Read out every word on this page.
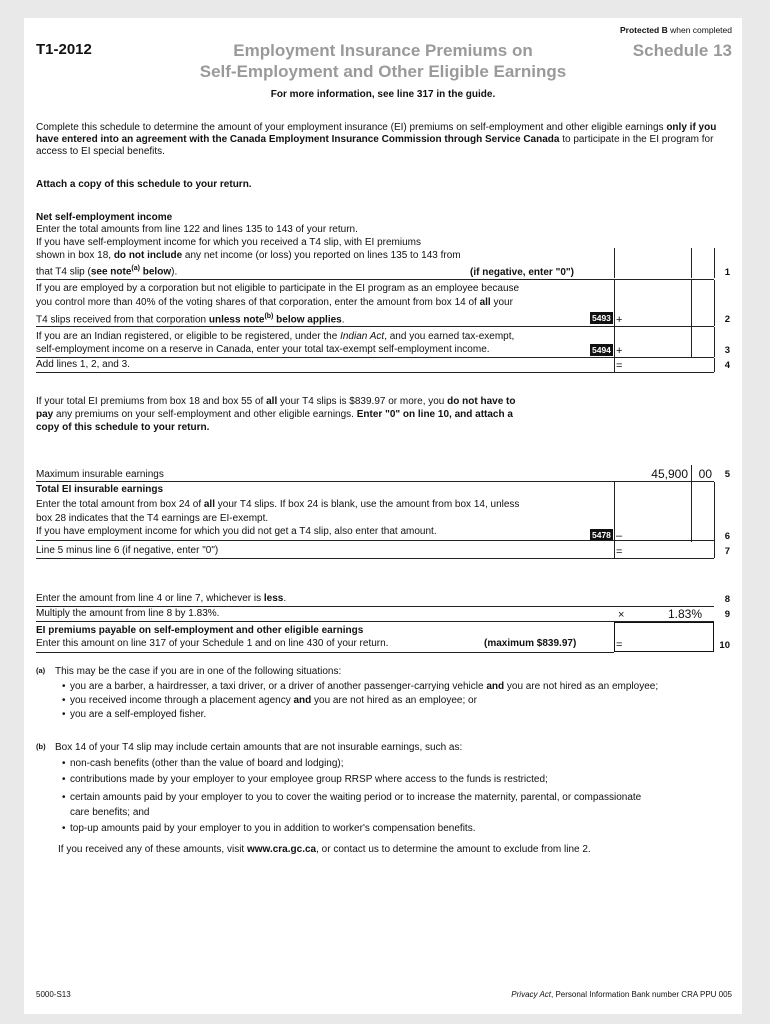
Protected B when completed
T1-2012	Employment Insurance Premiums on
Self-Employment and Other Eligible Earnings
Schedule 13
For more information, see line 317 in the guide.
Complete this schedule to determine the amount of your employment insurance (EI) premiums on self-employment and other eligible earnings only if you have entered into an agreement with the Canada Employment Insurance Commission through Service Canada to participate in the EI program for access to EI special benefits.
Attach a copy of this schedule to your return.
Net self-employment income
Enter the total amounts from line 122 and lines 135 to 143 of your return.
If you have self-employment income for which you received a T4 slip, with EI premiums
shown in box 18, do not include any net income (or loss) you reported on lines 135 to 143 from
that T4 slip (see note$^{(a)}$ below).	(if negative, enter "0")	1
If you are employed by a corporation but not eligible to participate in the EI program as an employee because
you control more than 40% of the voting shares of that corporation, enter the amount from box 14 of all your
T4 slips received from that corporation unless note$^{(b)}$ below applies.	5493 +	2
If you are an Indian registered, or eligible to be registered, under the Indian Act, and you earned tax-exempt,
self-employment income on a reserve in Canada, enter your total tax-exempt self-employment income.	5494 +	3
Add lines 1, 2, and 3.	=	4
If your total EI premiums from box 18 and box 55 of all your T4 slips is $839.97 or more, you do not have to
pay any premiums on your self-employment and other eligible earnings. Enter "0" on line 10, and attach a
copy of this schedule to your return.
Maximum insurable earnings	45,900 00 5
Total EI insurable earnings
Enter the total amount from box 24 of all your T4 slips. If box 24 is blank, use the amount from box 14, unless
box 28 indicates that the T4 earnings are EI-exempt.
If you have employment income for which you did not get a T4 slip, also enter that amount.	5478 –	6
Line 5 minus line 6 (if negative, enter "0")	=	7
Enter the amount from line 4 or line 7, whichever is less.	8
Multiply the amount from line 8 by 1.83%.	×	1.83% 9
EI premiums payable on self-employment and other eligible earnings
Enter this amount on line 317 of your Schedule 1 and on line 430 of your return.	(maximum $839.97)	=	10
(a) This may be the case if you are in one of the following situations:
• you are a barber, a hairdresser, a taxi driver, or a driver of another passenger-carrying vehicle and you are not hired as an employee;
• you received income through a placement agency and you are not hired as an employee; or
• you are a self-employed fisher.
(b) Box 14 of your T4 slip may include certain amounts that are not insurable earnings, such as:
• non-cash benefits (other than the value of board and lodging);
• contributions made by your employer to your employee group RRSP where access to the funds is restricted;
• certain amounts paid by your employer to you to cover the waiting period or to increase the maternity, parental, or compassionate
care benefits; and
• top-up amounts paid by your employer to you in addition to worker's compensation benefits.
If you received any of these amounts, visit www.cra.gc.ca, or contact us to determine the amount to exclude from line 2.
5000-S13	Privacy Act, Personal Information Bank number CRA PPU 005
